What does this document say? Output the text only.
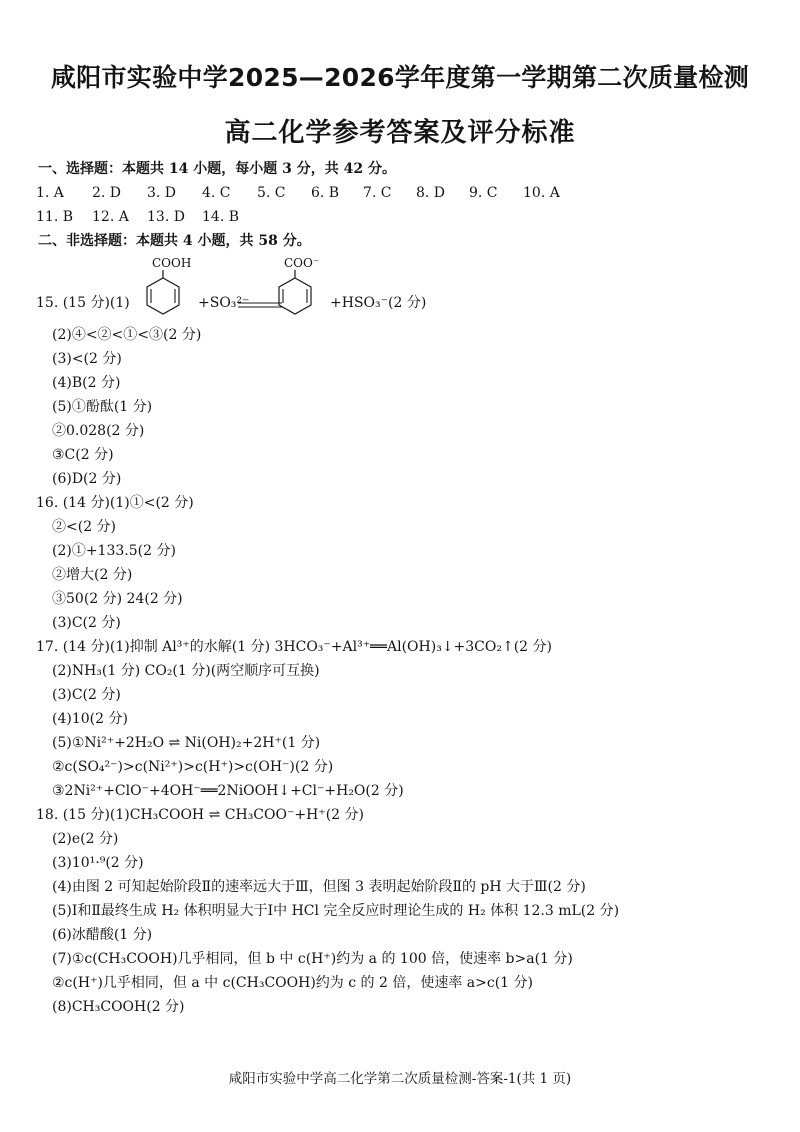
咸阳市实验中学2025—2026学年度第一学期第二次质量检测
高二化学参考答案及评分标准
一、选择题：本题共 14 小题，每小题 3 分，共 42 分。
1. A 2. D 3. D 4. C 5. C 6. B 7. C 8. D 9. C 10. A
11. B 12. A 13. D 14. B
二、非选择题：本题共 4 小题，共 58 分。
15. (15 分)(1)
COOH
+SO₃²⁻
COO⁻
+HSO₃⁻(2 分)
(2)④<②<①<③(2 分)
(3)<(2 分)
(4)B(2 分)
(5)①酚酞(1 分)
②0.028(2 分)
③C(2 分)
(6)D(2 分)
16. (14 分)(1)①<(2 分)
②<(2 分)
(2)①+133.5(2 分)
②增大(2 分)
③50(2 分) 24(2 分)
(3)C(2 分)
17. (14 分)(1)抑制 Al³⁺的水解(1 分) 3HCO₃⁻+Al³⁺══Al(OH)₃↓+3CO₂↑(2 分)
(2)NH₃(1 分) CO₂(1 分)(两空顺序可互换)
(3)C(2 分)
(4)10(2 分)
(5)①Ni²⁺+2H₂O ⇌ Ni(OH)₂+2H⁺(1 分)
②c(SO₄²⁻)>c(Ni²⁺)>c(H⁺)>c(OH⁻)(2 分)
③2Ni²⁺+ClO⁻+4OH⁻══2NiOOH↓+Cl⁻+H₂O(2 分)
18. (15 分)(1)CH₃COOH ⇌ CH₃COO⁻+H⁺(2 分)
(2)e(2 分)
(3)10¹·⁹(2 分)
(4)由图 2 可知起始阶段Ⅱ的速率远大于Ⅲ，但图 3 表明起始阶段Ⅱ的 pH 大于Ⅲ(2 分)
(5)Ⅰ和Ⅱ最终生成 H₂ 体积明显大于Ⅰ中 HCl 完全反应时理论生成的 H₂ 体积 12.3 mL(2 分)
(6)冰醋酸(1 分)
(7)①c(CH₃COOH)几乎相同，但 b 中 c(H⁺)约为 a 的 100 倍，使速率 b>a(1 分)
②c(H⁺)几乎相同，但 a 中 c(CH₃COOH)约为 c 的 2 倍，使速率 a>c(1 分)
(8)CH₃COOH(2 分)
咸阳市实验中学高二化学第二次质量检测-答案-1(共 1 页)
